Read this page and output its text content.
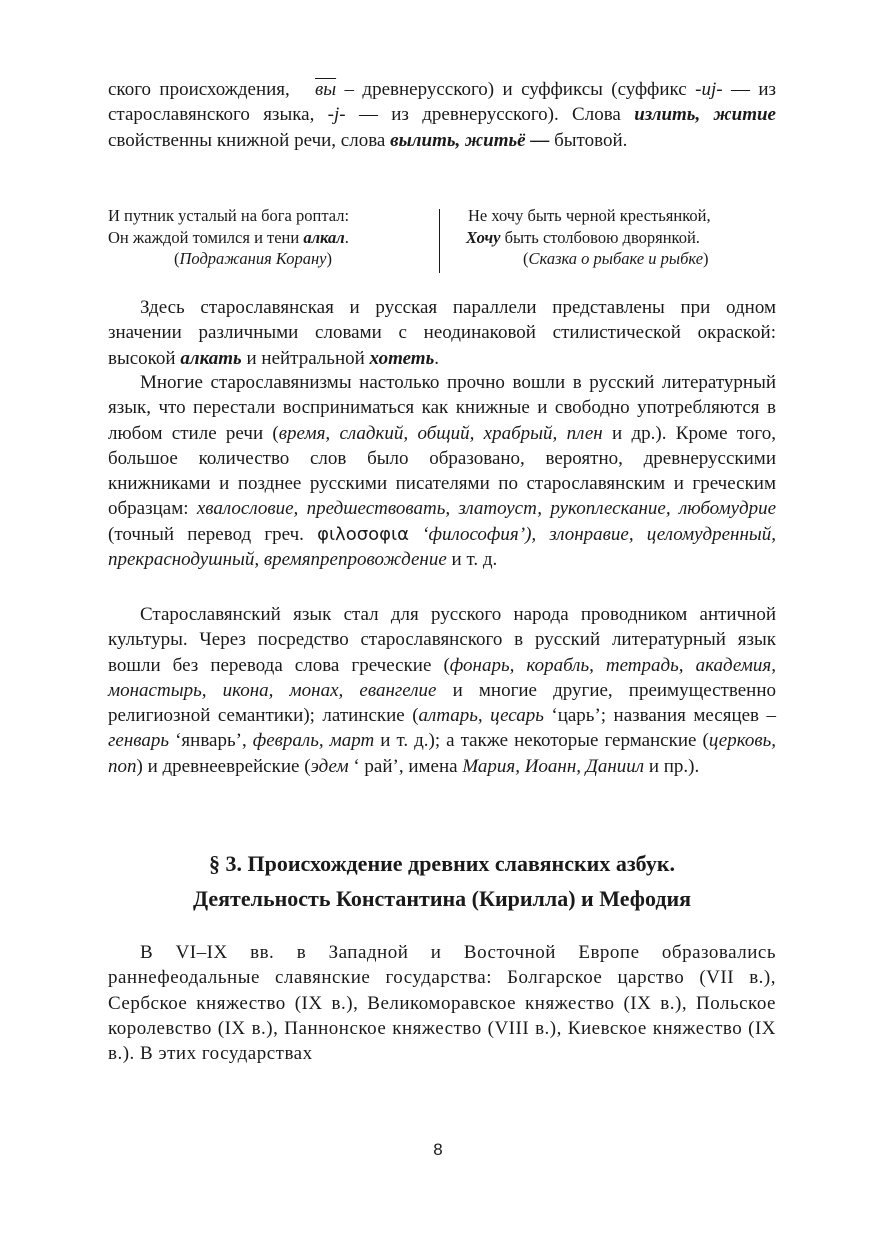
ского происхождения, вы – древнерусского) и суффиксы (суффикс -иj- — из старославянского языка, -j- — из древнерусского). Слова излить, житие свойственны книжной речи, слова вылить, житьё — бытовой.

И путник усталый на бога роптал:
Он жаждой томился и тени алкал.
(Подражания Корану)
Не хочу быть черной крестьянкой,
Хочу быть столбовою дворянкой.
(Сказка о рыбаке и рыбке)

Здесь старославянская и русская параллели представлены при одном значении различными словами с неодинаковой стилистической окраской: высокой алкать и нейтральной хотеть.

Многие старославянизмы настолько прочно вошли в русский литературный язык, что перестали восприниматься как книжные и свободно употребляются в любом стиле речи (время, сладкий, общий, храбрый, плен и др.). Кроме того, большое количество слов было образовано, вероятно, древнерусскими книжниками и позднее русскими писателями по старославянским и греческим образцам: хвалословие, предшествовать, златоуст, рукоплескание, любомудрие (точный перевод греч. φιλοσοφια ‘философия’), злонравие, целомудренный, прекраснодушный, времяпрепровождение и т. д.

Старославянский язык стал для русского народа проводником античной культуры. Через посредство старославянского в русский литературный язык вошли без перевода слова греческие (фонарь, корабль, тетрадь, академия, монастырь, икона, монах, евангелие и многие другие, преимущественно религиозной семантики); латинские (алтарь, цесарь ‘царь’; названия месяцев – генварь ‘январь’, февраль, март и т. д.); а также некоторые германские (церковь, поп) и древнееврейские (эдем ‘ рай’, имена Мария, Иоанн, Даниил и пр.).

§ 3. Происхождение древних славянских азбук.
Деятельность Константина (Кирилла) и Мефодия

В VI–IX вв. в Западной и Восточной Европе образовались раннефеодальные славянские государства: Болгарское царство (VII в.), Сербское княжество (IX в.), Великоморавское княжество (IX в.), Польское королевство (IX в.), Паннонское княжество (VIII в.), Киевское княжество (IX в.). В этих государствах

8
